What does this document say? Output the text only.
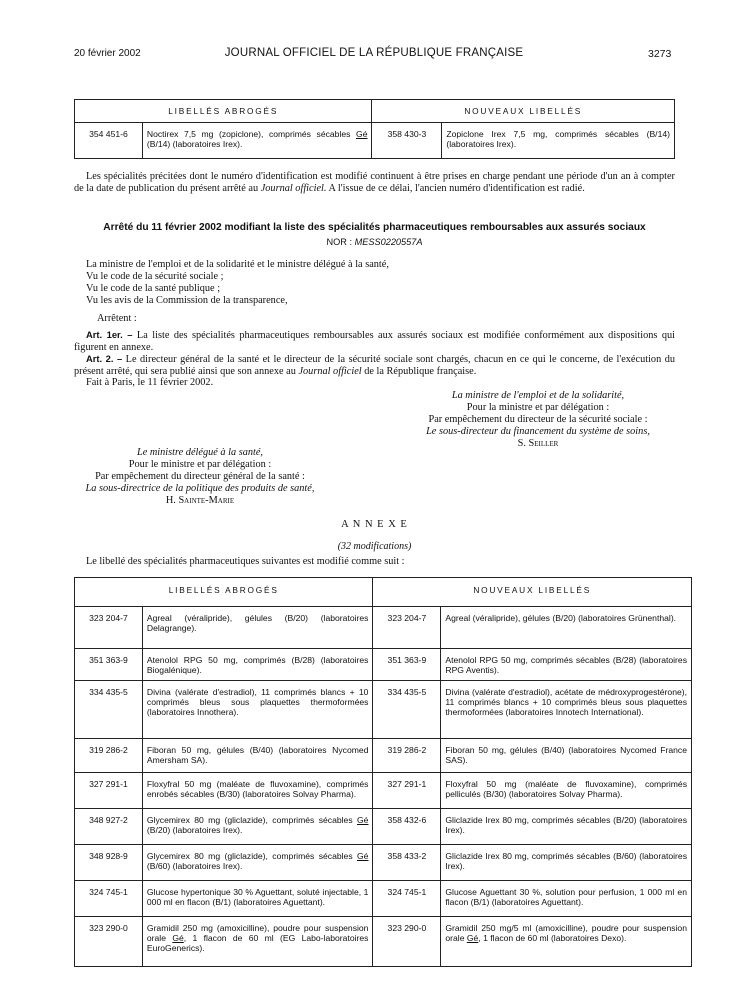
20 février 2002	JOURNAL OFFICIEL DE LA RÉPUBLIQUE FRANÇAISE	3273
LIBELLÉS ABROGÉS		NOUVEAUX LIBELLÉS	
354 451-6	Noctirex 7,5 mg (zopiclone), comprimés sécables Gé (B/14) (laboratoires Irex).	358 430-3	Zopiclone Irex 7,5 mg, comprimés sécables (B/14) (laboratoires Irex).
Les spécialités précitées dont le numéro d'identification est modifié continuent à être prises en charge pendant une période d'un an à compter de la date de publication du présent arrêté au Journal officiel. A l'issue de ce délai, l'ancien numéro d'identification est radié.
Arrêté du 11 février 2002 modifiant la liste des spécialités pharmaceutiques remboursables aux assurés sociaux
NOR : MESS0220557A
La ministre de l'emploi et de la solidarité et le ministre délégué à la santé,
Vu le code de la sécurité sociale ;
Vu le code de la santé publique ;
Vu les avis de la Commission de la transparence,
Arrêtent :
Art. 1er. – La liste des spécialités pharmaceutiques remboursables aux assurés sociaux est modifiée conformément aux dispositions qui figurent en annexe.
Art. 2. – Le directeur général de la santé et le directeur de la sécurité sociale sont chargés, chacun en ce qui le concerne, de l'exécution du présent arrêté, qui sera publié ainsi que son annexe au Journal officiel de la République française.
Fait à Paris, le 11 février 2002.
La ministre de l'emploi et de la solidarité,
Pour la ministre et par délégation :
Par empêchement du directeur de la sécurité sociale :
Le sous-directeur du financement du système de soins,
S. Seiller
Le ministre délégué à la santé,
Pour le ministre et par délégation :
Par empêchement du directeur général de la santé :
La sous-directrice de la politique des produits de santé,
H. Sainte-Marie
A N N E X E
(32 modifications)
Le libellé des spécialités pharmaceutiques suivantes est modifié comme suit :
LIBELLÉS ABROGÉS		NOUVEAUX LIBELLÉS	
323 204-7	Agreal (véralipride), gélules (B/20) (laboratoires Delagrange).	323 204-7	Agreal (véralipride), gélules (B/20) (laboratoires Grünenthal).
351 363-9	Atenolol RPG 50 mg, comprimés (B/28) (laboratoires Biogalénique).	351 363-9	Atenolol RPG 50 mg, comprimés sécables (B/28) (laboratoires RPG Aventis).
334 435-5	Divina (valérate d'estradiol), 11 comprimés blancs + 10 comprimés bleus sous plaquettes thermoformées (laboratoires Innothera).	334 435-5	Divina (valérate d'estradiol), acétate de médroxyprogestérone), 11 comprimés blancs + 10 comprimés bleus sous plaquettes thermoformées (laboratoires Innotech International).
319 286-2	Fiboran 50 mg, gélules (B/40) (laboratoires Nycomed Amersham SA).	319 286-2	Fiboran 50 mg, gélules (B/40) (laboratoires Nycomed France SAS).
327 291-1	Floxyfral 50 mg (maléate de fluvoxamine), comprimés enrobés sécables (B/30) (laboratoires Solvay Pharma).	327 291-1	Floxyfral 50 mg (maléate de fluvoxamine), comprimés pelliculés (B/30) (laboratoires Solvay Pharma).
348 927-2	Glycemirex 80 mg (gliclazide), comprimés sécables Gé (B/20) (laboratoires Irex).	358 432-6	Gliclazide Irex 80 mg, comprimés sécables (B/20) (laboratoires Irex).
348 928-9	Glycemirex 80 mg (gliclazide), comprimés sécables Gé (B/60) (laboratoires Irex).	358 433-2	Gliclazide Irex 80 mg, comprimés sécables (B/60) (laboratoires Irex).
324 745-1	Glucose hypertonique 30 % Aguettant, soluté injectable, 1 000 ml en flacon (B/1) (laboratoires Aguettant).	324 745-1	Glucose Aguettant 30 %, solution pour perfusion, 1 000 ml en flacon (B/1) (laboratoires Aguettant).
323 290-0	Gramidil 250 mg (amoxicilline), poudre pour suspension orale Gé, 1 flacon de 60 ml (EG Labo-laboratoires EuroGenerics).	323 290-0	Gramidil 250 mg/5 ml (amoxicilline), poudre pour suspension orale Gé, 1 flacon de 60 ml (laboratoires Dexo).
